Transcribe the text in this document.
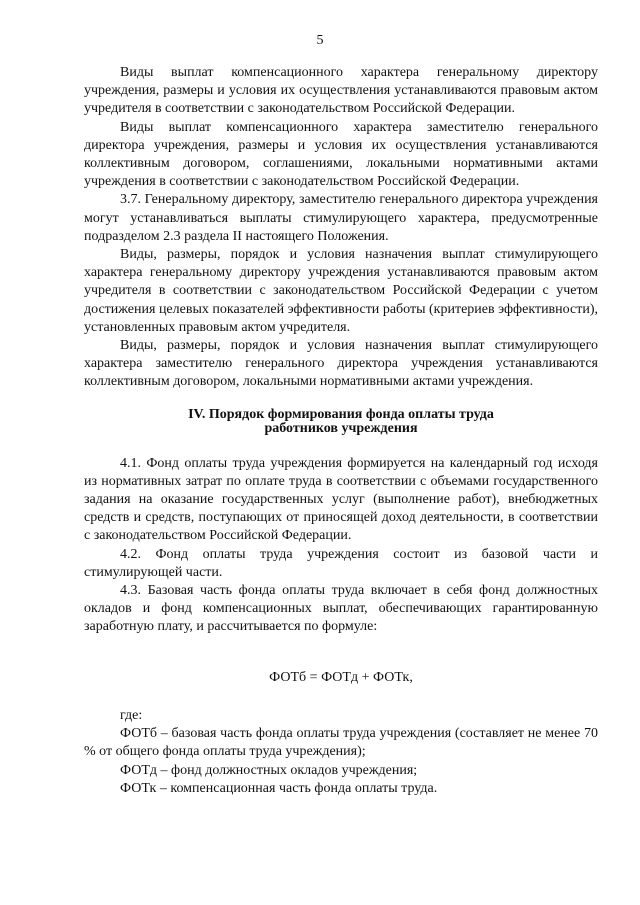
5

Виды выплат компенсационного характера генеральному директору учреждения, размеры и условия их осуществления устанавливаются правовым актом учредителя в соответствии с законодательством Российской Федерации.

Виды выплат компенсационного характера заместителю генерального директора учреждения, размеры и условия их осуществления устанавливаются коллективным договором, соглашениями, локальными нормативными актами учреждения в соответствии с законодательством Российской Федерации.

3.7. Генеральному директору, заместителю генерального директора учреждения могут устанавливаться выплаты стимулирующего характера, предусмотренные подразделом 2.3 раздела II настоящего Положения.

Виды, размеры, порядок и условия назначения выплат стимулирующего характера генеральному директору учреждения устанавливаются правовым актом учредителя в соответствии с законодательством Российской Федерации с учетом достижения целевых показателей эффективности работы (критериев эффективности), установленных правовым актом учредителя.

Виды, размеры, порядок и условия назначения выплат стимулирующего характера заместителю генерального директора учреждения устанавливаются коллективным договором, локальными нормативными актами учреждения.

IV. Порядок формирования фонда оплаты труда
работников учреждения

4.1. Фонд оплаты труда учреждения формируется на календарный год исходя из нормативных затрат по оплате труда в соответствии с объемами государственного задания на оказание государственных услуг (выполнение работ), внебюджетных средств и средств, поступающих от приносящей доход деятельности, в соответствии с законодательством Российской Федерации.

4.2. Фонд оплаты труда учреждения состоит из базовой части и стимулирующей части.

4.3. Базовая часть фонда оплаты труда включает в себя фонд должностных окладов и фонд компенсационных выплат, обеспечивающих гарантированную заработную плату, и рассчитывается по формуле:

ФОТб = ФОТд + ФОТк,

где:

ФОТб – базовая часть фонда оплаты труда учреждения (составляет не менее 70 % от общего фонда оплаты труда учреждения);

ФОТд – фонд должностных окладов учреждения;

ФОТк – компенсационная часть фонда оплаты труда.
